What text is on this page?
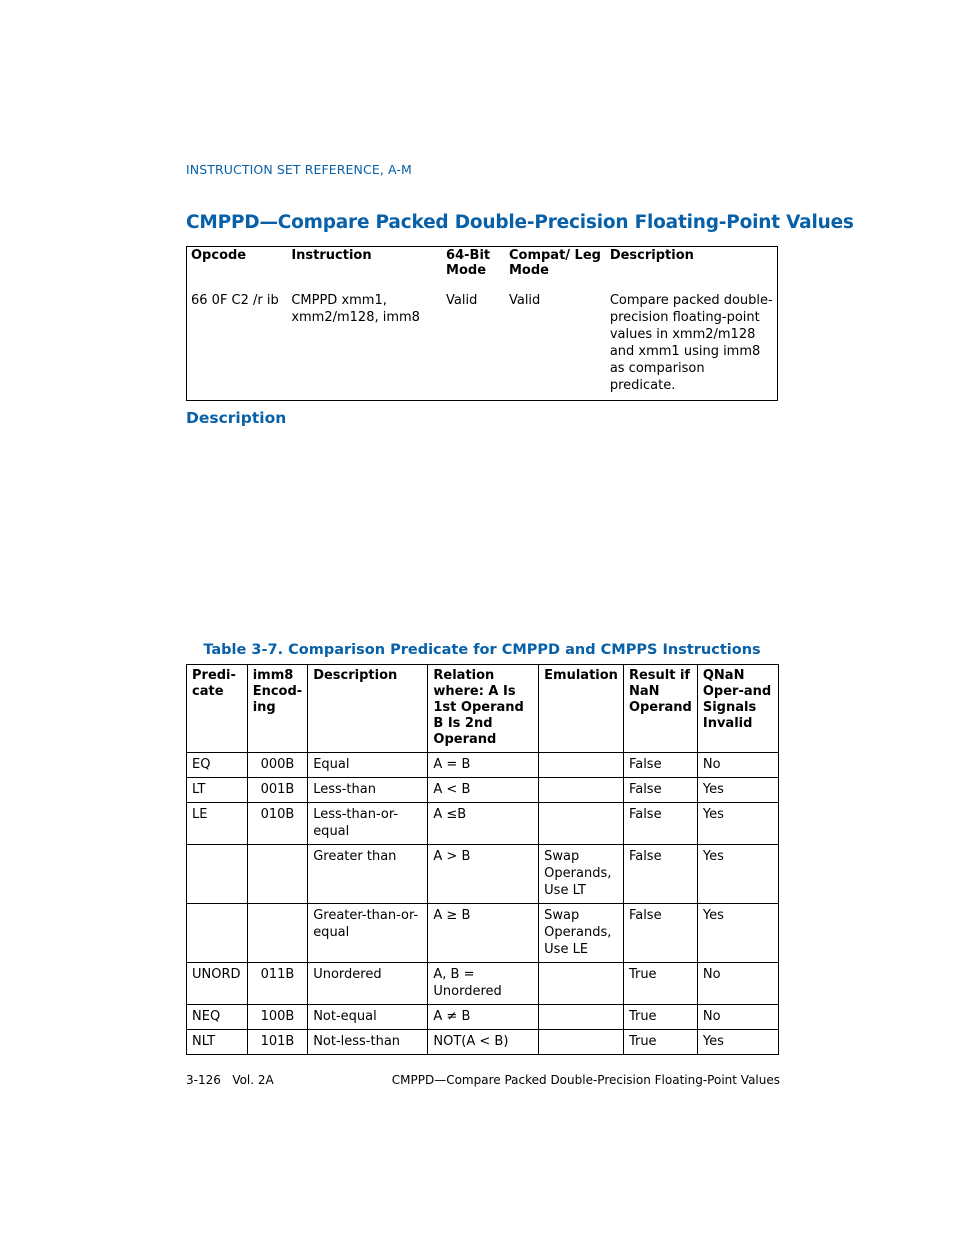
INSTRUCTION SET REFERENCE, A-M
CMPPD—Compare Packed Double-Precision Floating-Point Values
Opcode	Instruction	64-Bit Mode	Compat/ Leg Mode	Description
66 0F C2 /r ib	CMPPD xmm1, xmm2/m128, imm8	Valid	Valid	Compare packed double-precision floating-point values in xmm2/m128 and xmm1 using imm8 as comparison predicate.
Description
Table 3-7. Comparison Predicate for CMPPD and CMPPS Instructions
Predi-cate	imm8 Encod-ing	Description	Relation where: A Is 1st Operand B Is 2nd Operand	Emulation	Result if NaN Operand	QNaN Oper-and Signals Invalid
EQ	000B	Equal	A = B		False	No
LT	001B	Less-than	A < B		False	Yes
LE	010B	Less-than-or-equal	A ≤B		False	Yes
		Greater than	A > B	Swap Operands, Use LT	False	Yes
		Greater-than-or-equal	A ≥ B	Swap Operands, Use LE	False	Yes
UNORD	011B	Unordered	A, B = Unordered		True	No
NEQ	100B	Not-equal	A ≠ B		True	No
NLT	101B	Not-less-than	NOT(A < B)		True	Yes
3-126   Vol. 2A	CMPPD—Compare Packed Double-Precision Floating-Point Values
